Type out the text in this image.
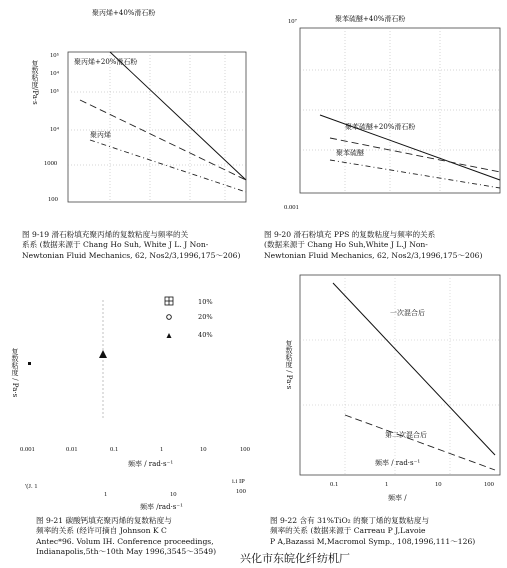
聚丙烯+40%滑石粉
复数粘度/Pa·s
10⁵
10⁴
10⁵
10⁴
1000
100
聚丙烯+20%滑石粉
聚丙烯
图 9-19 滑石粉填充聚丙烯的复数粘度与频率的关
系系 (数据来源于 Chang Ho Suh, White J L. J Non-
Newtonian Fluid Mechanics, 62, Nos2/3,1996,175～206)
聚苯硫醚+40%滑石粉
10⁷
聚苯硫醚+20%滑石粉
聚苯硫醚
0.001
图 9-20 滑石粉填充 PPS 的复数粘度与频率的关系
(数据来源于 Chang Ho Suh,White J L.J Non-
Newtonian Fluid Mechanics, 62, Nos2/3,1996,175～206)
10%
20%
40%
复数粘度 / Pa·s
0.001	0.01	0.1	1	10	100
频率 / rad·s⁻¹
'(J. 1
i.i IP
100
1	10
频率 /rad·s⁻¹
图 9-21 碳酸钙填充聚丙烯的复数粘度与
频率的关系 (经许可摘自 Johnson K C
Antec*96. Volum IH. Conference proceedings,
Indianapolis,5th～10th May 1996,3545～3549)
复数粘度 / Pa·s
一次混合后
第二次混合后
频率 / rad·s⁻¹
0.1	1	10	100
频率 /
图 9-22 含有 31%TiO₂ 的聚丁烯的复数粘度与
频率的关系 (数据来源于 Carreau P J,Lavoie
P A,Bazassi M,Macromol Symp., 108,1996,111～126)
兴化市东皖化纤纺机厂
